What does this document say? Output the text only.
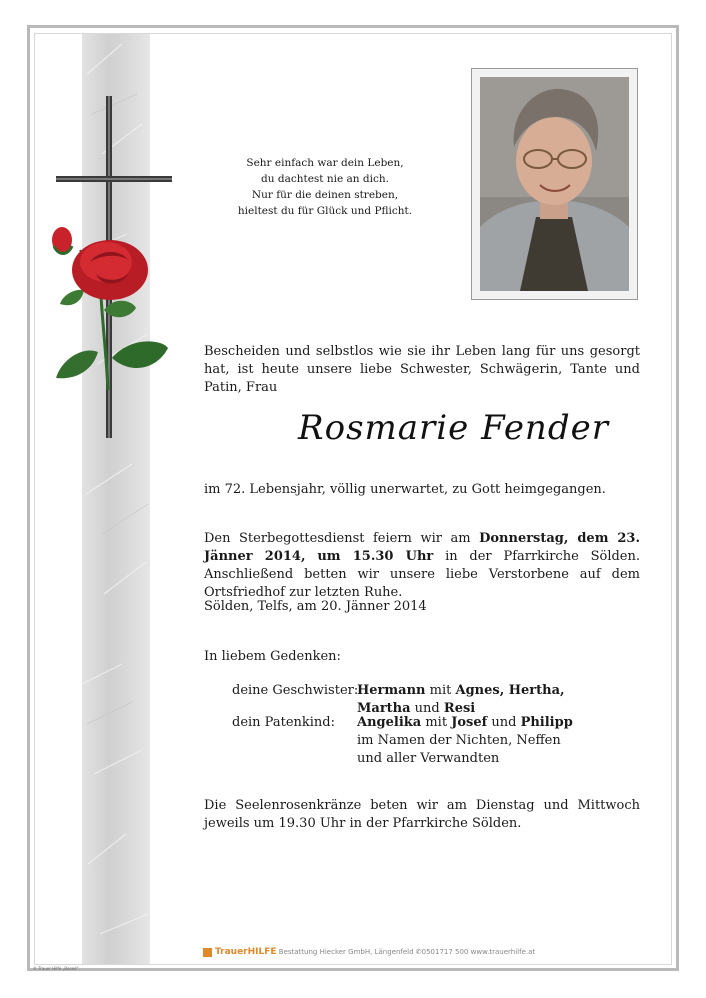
Sehr einfach war dein Leben,
du dachtest nie an dich.
Nur für die deinen streben,
hieltest du für Glück und Pflicht.
Bescheiden und selbstlos wie sie ihr Leben lang für uns gesorgt hat, ist heute unsere liebe Schwester, Schwägerin, Tante und Patin, Frau
Rosmarie Fender
im 72. Lebensjahr, völlig unerwartet, zu Gott heimgegangen.
Den Sterbegottesdienst feiern wir am Donnerstag, dem 23. Jänner 2014, um 15.30 Uhr in der Pfarrkirche Sölden. Anschließend betten wir unsere liebe Verstorbene auf dem Ortsfriedhof zur letzten Ruhe.
Sölden, Telfs, am 20. Jänner 2014
In liebem Gedenken:
deine Geschwister:
Hermann mit Agnes, Hertha,
Martha und Resi
dein Patenkind: Angelika mit Josef und Philipp
im Namen der Nichten, Neffen
und aller Verwandten
Die Seelenrosenkränze beten wir am Dienstag und Mittwoch jeweils um 19.30 Uhr in der Pfarrkirche Sölden.
TrauerHILFE Bestattung Hiecker GmbH, Längenfeld ✆0501717 500 www.trauerhilfe.at
© Trauer Hilfe „Rosed“
